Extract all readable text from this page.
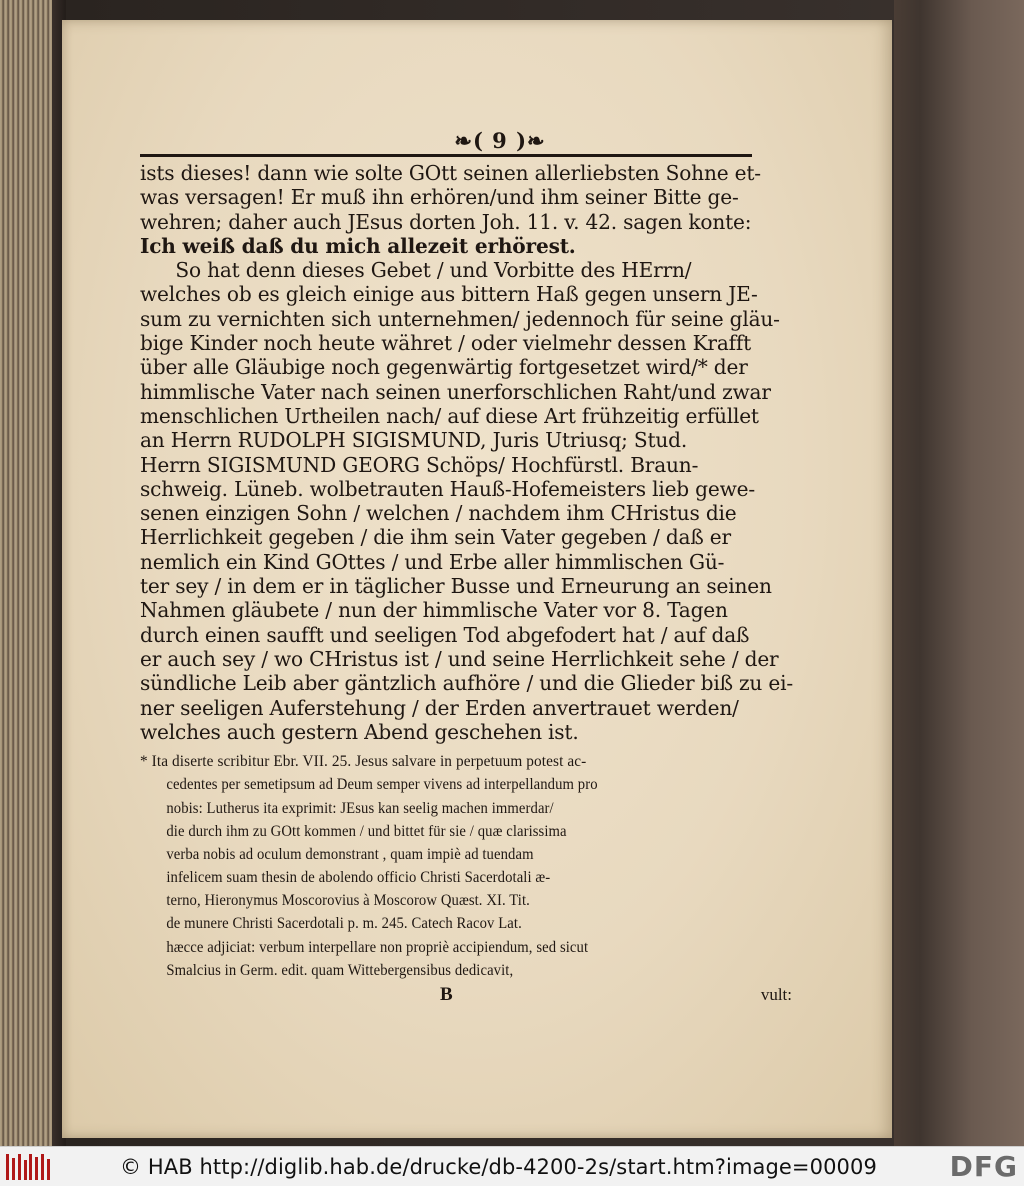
❧( 9 )❧
ists dieses! dann wie solte GOtt seinen allerliebsten Sohne et-
was versagen! Er muß ihn erhören/und ihm seiner Bitte ge-
wehren; daher auch JEsus dorten Joh. 11. v. 42. sagen konte:
Ich weiß daß du mich allezeit erhörest.
So hat denn dieses Gebet / und Vorbitte des HErrn/
welches ob es gleich einige aus bittern Haß gegen unsern JE-
sum zu vernichten sich unternehmen/ jedennoch für seine gläu-
bige Kinder noch heute währet / oder vielmehr dessen Krafft
über alle Gläubige noch gegenwärtig fortgesetzet wird/* der
himmlische Vater nach seinen unerforschlichen Raht/und zwar
menschlichen Urtheilen nach/ auf diese Art frühzeitig erfüllet
an Herrn RUDOLPH SIGISMUND, Juris Utriusq; Stud.
Herrn SIGISMUND GEORG Schöps/ Hochfürstl. Braun-
schweig. Lüneb. wolbetrauten Hauß-Hofemeisters lieb gewe-
senen einzigen Sohn / welchen / nachdem ihm CHristus die
Herrlichkeit gegeben / die ihm sein Vater gegeben / daß er
nemlich ein Kind GOttes / und Erbe aller himmlischen Gü-
ter sey / in dem er in täglicher Busse und Erneurung an seinen
Nahmen gläubete / nun der himmlische Vater vor 8. Tagen
durch einen saufft und seeligen Tod abgefodert hat / auf daß
er auch sey / wo CHristus ist / und seine Herrlichkeit sehe / der
sündliche Leib aber gäntzlich aufhöre / und die Glieder biß zu ei-
ner seeligen Auferstehung / der Erden anvertrauet werden/
welches auch gestern Abend geschehen ist.
* Ita diserte scribitur Ebr. VII. 25. Jesus salvare in perpetuum potest ac-
cedentes per semetipsum ad Deum semper vivens ad interpellandum pro
nobis: Lutherus ita exprimit: JEsus kan seelig machen immerdar/
die durch ihm zu GOtt kommen / und bittet für sie / quæ clarissima
verba nobis ad oculum demonstrant , quam impiè ad tuendam
infelicem suam thesin de abolendo officio Christi Sacerdotali æ-
terno, Hieronymus Moscorovius à Moscorow Quæst. XI. Tit.
de munere Christi Sacerdotali p. m. 245. Catech Racov Lat.
hæcce adjiciat: verbum interpellare non propriè accipiendum, sed sicut
Smalcius in Germ. edit. quam Wittebergensibus dedicavit,
B	vult:
© HAB http://diglib.hab.de/drucke/db-4200-2s/start.htm?image=00009	DFG
